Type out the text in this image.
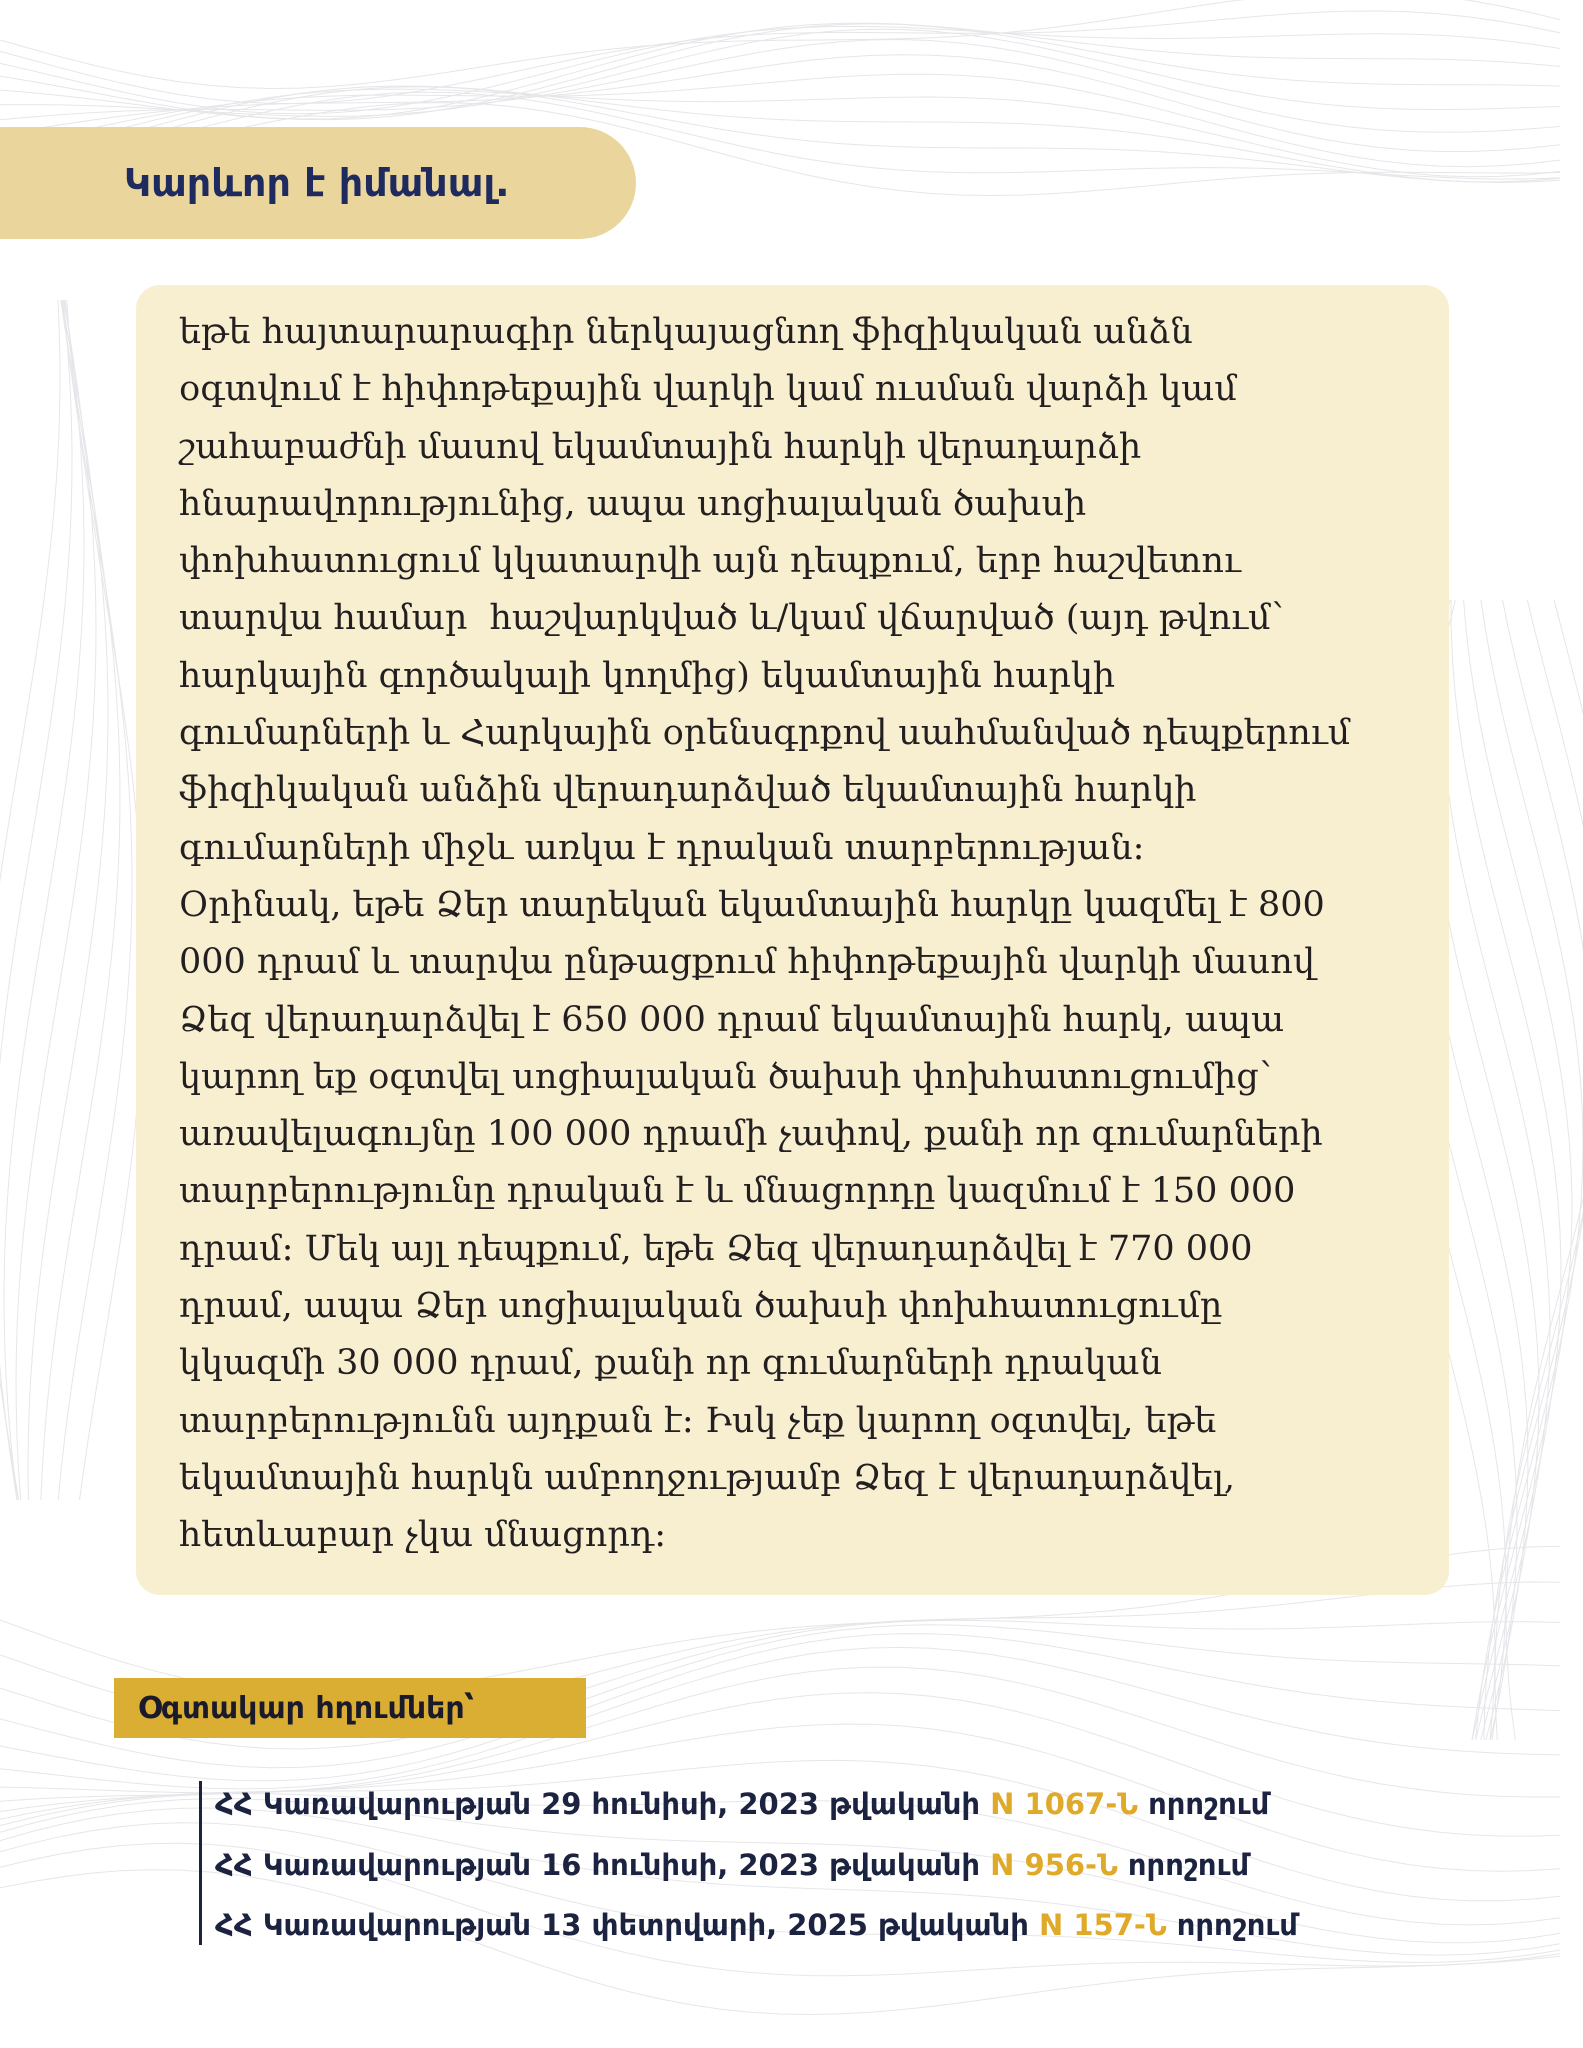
Կարևոր է իմանալ.
եթե հայտարարագիր ներկայացնող ֆիզիկական անձն
օգտվում է հիփոթեքային վարկի կամ ուսման վարձի կամ
շահաբաժնի մասով եկամտային հարկի վերադարձի
հնարավորությունից, ապա սոցիալական ծախսի
փոխհատուցում կկատարվի այն դեպքում, երբ հաշվետու
տարվա համար  հաշվարկված և/կամ վճարված (այդ թվում՝
հարկային գործակալի կողմից) եկամտային հարկի
գումարների և Հարկային օրենսգրքով սահմանված դեպքերում
ֆիզիկական անձին վերադարձված եկամտային հարկի
գումարների միջև առկա է դրական տարբերության։
Օրինակ, եթե Ձեր տարեկան եկամտային հարկը կազմել է 800
000 դրամ և տարվա ընթացքում հիփոթեքային վարկի մասով
Ձեզ վերադարձվել է 650 000 դրամ եկամտային հարկ, ապա
կարող եք օգտվել սոցիալական ծախսի փոխհատուցումից՝
առավելագույնը 100 000 դրամի չափով, քանի որ գումարների
տարբերությունը դրական է և մնացորդը կազմում է 150 000
դրամ։ Մեկ այլ դեպքում, եթե Ձեզ վերադարձվել է 770 000
դրամ, ապա Ձեր սոցիալական ծախսի փոխհատուցումը
կկազմի 30 000 դրամ, քանի որ գումարների դրական
տարբերությունն այդքան է։ Իսկ չեք կարող օգտվել, եթե
եկամտային հարկն ամբողջությամբ Ձեզ է վերադարձվել,
հետևաբար չկա մնացորդ։
Օգտակար հղումներ՝
ՀՀ Կառավարության 29 հունիսի, 2023 թվականի N 1067-Ն որոշում
ՀՀ Կառավարության 16 հունիսի, 2023 թվականի N 956-Ն որոշում
ՀՀ Կառավարության 13 փետրվարի, 2025 թվականի N 157-Ն որոշում
